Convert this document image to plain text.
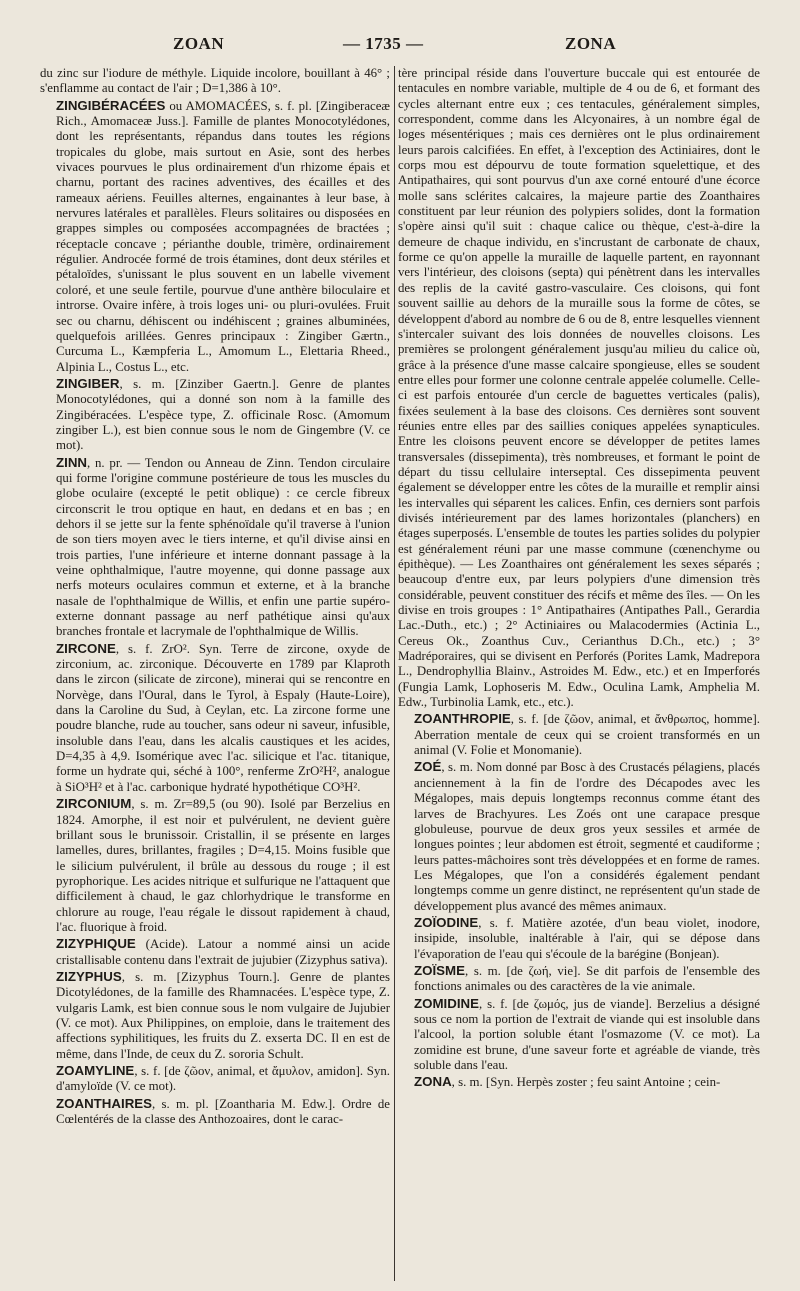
ZOAN	— 1735 —	ZONA

du zinc sur l'iodure de méthyle. Liquide incolore, bouillant à 46° ; s'enflamme au contact de l'air ; D=1,386 à 10°.

ZINGIBÉRACÉES ou AMOMACÉES, s. f. pl. [Zingiberaceæ Rich., Amomaceæ Juss.]. Famille de plantes Monocotylédones, dont les représentants, répandus dans toutes les régions tropicales du globe, mais surtout en Asie, sont des herbes vivaces pourvues le plus ordinairement d'un rhizome épais et charnu, portant des racines adventives, des écailles et des rameaux aériens. Feuilles alternes, engainantes à leur base, à nervures latérales et parallèles. Fleurs solitaires ou disposées en grappes simples ou composées accompagnées de bractées ; réceptacle concave ; périanthe double, trimère, ordinairement régulier. Androcée formé de trois étamines, dont deux stériles et pétaloïdes, s'unissant le plus souvent en un labelle vivement coloré, et une seule fertile, pourvue d'une anthère biloculaire et introrse. Ovaire infère, à trois loges uni- ou pluri-ovulées. Fruit sec ou charnu, déhiscent ou indéhiscent ; graines albuminées, quelquefois arillées. Genres principaux : Zingiber Gærtn., Curcuma L., Kæmpferia L., Amomum L., Elettaria Rheed., Alpinia L., Costus L., etc.

ZINGIBER, s. m. [Zinziber Gaertn.]. Genre de plantes Monocotylédones, qui a donné son nom à la famille des Zingibéracées. L'espèce type, Z. officinale Rosc. (Amomum zingiber L.), est bien connue sous le nom de Gingembre (V. ce mot).

ZINN, n. pr. — Tendon ou Anneau de Zinn. Tendon circulaire qui forme l'origine commune postérieure de tous les muscles du globe oculaire (excepté le petit oblique) : ce cercle fibreux circonscrit le trou optique en haut, en dedans et en bas ; en dehors il se jette sur la fente sphénoïdale qu'il traverse à l'union de son tiers moyen avec le tiers interne, et qu'il divise ainsi en trois parties, l'une inférieure et interne donnant passage à la veine ophthalmique, l'autre moyenne, qui donne passage aux nerfs moteurs oculaires commun et externe, et à la branche nasale de l'ophthalmique de Willis, et enfin une partie supéro-externe donnant passage au nerf pathétique ainsi qu'aux branches frontale et lacrymale de l'ophthalmique de Willis.

ZIRCONE, s. f. ZrO². Syn. Terre de zircone, oxyde de zirconium, ac. zirconique. Découverte en 1789 par Klaproth dans le zircon (silicate de zircone), minerai qui se rencontre en Norvège, dans l'Oural, dans le Tyrol, à Espaly (Haute-Loire), dans la Caroline du Sud, à Ceylan, etc. La zircone forme une poudre blanche, rude au toucher, sans odeur ni saveur, infusible, insoluble dans l'eau, dans les alcalis caustiques et les acides, D=4,35 à 4,9. Isomérique avec l'ac. silicique et l'ac. titanique, forme un hydrate qui, séché à 100°, renferme ZrO²H², analogue à SiO³H² et à l'ac. carbonique hydraté hypothétique CO³H².

ZIRCONIUM, s. m. Zr=89,5 (ou 90). Isolé par Berzelius en 1824. Amorphe, il est noir et pulvérulent, ne devient guère brillant sous le brunissoir. Cristallin, il se présente en larges lamelles, dures, brillantes, fragiles ; D=4,15. Moins fusible que le silicium pulvérulent, il brûle au dessous du rouge ; il est pyrophorique. Les acides nitrique et sulfurique ne l'attaquent que difficilement à chaud, le gaz chlorhydrique le transforme en chlorure au rouge, l'eau régale le dissout rapidement à chaud, l'ac. fluorique à froid.

ZIZYPHIQUE (Acide). Latour a nommé ainsi un acide cristallisable contenu dans l'extrait de jujubier (Zizyphus sativa).

ZIZYPHUS, s. m. [Zizyphus Tourn.]. Genre de plantes Dicotylédones, de la famille des Rhamnacées. L'espèce type, Z. vulgaris Lamk, est bien connue sous le nom vulgaire de Jujubier (V. ce mot). Aux Philippines, on emploie, dans le traitement des affections syphilitiques, les fruits du Z. exserta DC. Il en est de même, dans l'Inde, de ceux du Z. sororia Schult.

ZOAMYLINE, s. f. [de ζῶον, animal, et ἄμυλον, amidon]. Syn. d'amyloïde (V. ce mot).

ZOANTHAIRES, s. m. pl. [Zoantharia M. Edw.]. Ordre de Cœlentérés de la classe des Anthozoaires, dont le carac-

tère principal réside dans l'ouverture buccale qui est entourée de tentacules en nombre variable, multiple de 4 ou de 6, et formant des cycles alternant entre eux ; ces tentacules, généralement simples, correspondent, comme dans les Alcyonaires, à un nombre égal de loges mésentériques ; mais ces dernières ont le plus ordinairement leurs parois calcifiées. En effet, à l'exception des Actiniaires, dont le corps mou est dépourvu de toute formation squelettique, et des Antipathaires, qui sont pourvus d'un axe corné entouré d'une écorce molle sans sclérites calcaires, la majeure partie des Zoanthaires constituent par leur réunion des polypiers solides, dont la formation s'opère ainsi qu'il suit : chaque calice ou thèque, c'est-à-dire la demeure de chaque individu, en s'incrustant de carbonate de chaux, forme ce qu'on appelle la muraille de laquelle partent, en rayonnant vers l'intérieur, des cloisons (septa) qui pénètrent dans les intervalles des replis de la cavité gastro-vasculaire. Ces cloisons, qui font souvent saillie au dehors de la muraille sous la forme de côtes, se développent d'abord au nombre de 6 ou de 8, entre lesquelles viennent s'intercaler suivant des lois données de nouvelles cloisons. Les premières se prolongent généralement jusqu'au milieu du calice où, grâce à la présence d'une masse calcaire spongieuse, elles se soudent entre elles pour former une colonne centrale appelée columelle. Celle-ci est parfois entourée d'un cercle de baguettes verticales (palis), fixées seulement à la base des cloisons. Ces dernières sont souvent réunies entre elles par des saillies coniques appelées synapticules. Entre les cloisons peuvent encore se développer de petites lames transversales (dissepimenta), très nombreuses, et formant le point de départ du tissu cellulaire interseptal. Ces dissepimenta peuvent également se développer entre les côtes de la muraille et remplir ainsi les intervalles qui séparent les calices. Enfin, ces derniers sont parfois divisés intérieurement par des lames horizontales (planchers) en étages superposés. L'ensemble de toutes les parties solides du polypier est généralement réuni par une masse commune (cœnenchyme ou épithèque). — Les Zoanthaires ont généralement les sexes séparés ; beaucoup d'entre eux, par leurs polypiers d'une dimension très considérable, peuvent constituer des récifs et même des îles. — On les divise en trois groupes : 1° Antipathaires (Antipathes Pall., Gerardia Lac.-Duth., etc.) ; 2° Actiniaires ou Malacodermies (Actinia L., Cereus Ok., Zoanthus Cuv., Cerianthus D.Ch., etc.) ; 3° Madréporaires, qui se divisent en Perforés (Porites Lamk, Madrepora L., Dendrophyllia Blainv., Astroides M. Edw., etc.) et en Imperforés (Fungia Lamk, Lophoseris M. Edw., Oculina Lamk, Amphelia M. Edw., Turbinolia Lamk, etc., etc.).

ZOANTHROPIE, s. f. [de ζῶον, animal, et ἄνθρωπος, homme]. Aberration mentale de ceux qui se croient transformés en un animal (V. Folie et Monomanie).

ZOÉ, s. m. Nom donné par Bosc à des Crustacés pélagiens, placés anciennement à la fin de l'ordre des Décapodes avec les Mégalopes, mais depuis longtemps reconnus comme étant des larves de Brachyures. Les Zoés ont une carapace presque globuleuse, pourvue de deux gros yeux sessiles et armée de longues pointes ; leur abdomen est étroit, segmenté et caudiforme ; leurs pattes-mâchoires sont très développées et en forme de rames. Les Mégalopes, que l'on a considérés également pendant longtemps comme un genre distinct, ne représentent qu'un stade de développement plus avancé des mêmes animaux.

ZOÏODINE, s. f. Matière azotée, d'un beau violet, inodore, insipide, insoluble, inaltérable à l'air, qui se dépose dans l'évaporation de l'eau qui s'écoule de la barégine (Bonjean).

ZOÏSME, s. m. [de ζωή, vie]. Se dit parfois de l'ensemble des fonctions animales ou des caractères de la vie animale.

ZOMIDINE, s. f. [de ζωμός, jus de viande]. Berzelius a désigné sous ce nom la portion de l'extrait de viande qui est insoluble dans l'alcool, la portion soluble étant l'osmazome (V. ce mot). La zomidine est brune, d'une saveur forte et agréable de viande, très soluble dans l'eau.

ZONA, s. m. [Syn. Herpès zoster ; feu saint Antoine ; cein-
